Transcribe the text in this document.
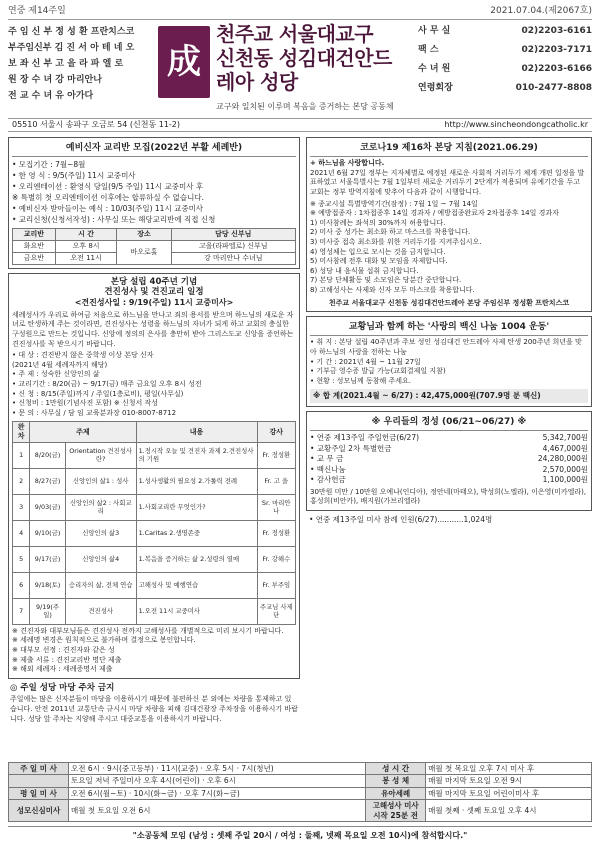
연중 제14주일	2021.07.04.(제2067호)
주 임 신 부 정 성 환 프란치스코
부주임신부 김 진 서 아 테 네 오
보 좌 신 부 고 을 라 파 엘 로
원 장 수 녀 강 마리안나
전 교 수 녀 유 아가다
成
천주교 서울대교구
신천동 성김대건안드레아 성당
교구와 일치된 이루며 복음을 증거하는 본당 공동체
사 무 실	02)2203-6161
팩 스	02)2203-7171
수 녀 원	02)2203-6166
연령회장	010-2477-8808
05510 서울시 송파구 오금로 54 (신천동 11-2)	http://www.sincheondongcatholic.kr
예비신자 교리반 모집(2022년 부활 세례반)
• 모집기간 : 7월~8월
• 한 영 식 : 9/5(주일) 11시 교중미사
• 오리엔테이션 : 환영식 당일(9/5 주일) 11시 교중미사 후
※ 특별히 첫 오리엔테이션 이후에는 합류하실 수 없습니다.
• 예비신자 받아들이는 예식 : 10/03(주일) 11시 교중미사
• 교리신청(신청서작성) : 사무실 또는 해당교리반에 직접 신청
교리반	시 간	장소	담당 신부님
화요반	오후 8시	바오로홀	고을(라파엘로) 신부님
금요반	오전 11시		강 마리안나 수녀님
본당 설립 40주년 기념
견진성사 및 견진교리 일정
<견진성사일 : 9/19(주일) 11시 교중미사>
세례성사가 우리로 하여금 처음으로 하느님을 만나고 죄의 용서를 받으며 하느님의 새로운 자녀로 탄생하게 주는 것이라면, 견진성사는 성령을 하느님의 자녀가 되게 하고 교회의 충실한 구성원으로 만드는 것입니다. 신앙에 정의의 은사를 충만히 받아 그리스도교 신앙을 증언하는 견진성사를 꼭 받으시기 바랍니다.
• 대 상 : 견진받지 않은 중학생 이상 본당 신자
(2021년 4월 세례자까지 해당)
• 주 제 : 성숙한 신앙인의 삶
• 교리기간 : 8/20(금) ~ 9/17(금) 매주 금요일 오후 8시 성전
• 신 청 : 8/15(주일)까지 / 주일(1층로비), 평일(사무실)
• 신청비 : 1만원(기념사진 포함) ※ 신청서 작성
• 문 의 : 사무실 / 담 임 교육분과장 010-8007-8712
완차	주제		내용	강사
1	8/20(금)	Orientation 견진성사란?	1.정시작 오늘 및 견진자 과제 2.견진성사의 기원	Fr. 정성환
2	8/27(금)	신앙인의 삶1 : 성사	1.성사생활의 필요성 2.가톨릭 전례	Fr. 고 을
3	9/03(금)	신앙인의 삶2 : 사회교리	1.사회교리란 무엇인가?	Sr. 마리안나
4	9/10(금)	신앙인의 삶3	1.Caritas 2.생명존중	Fr. 정성환
5	9/17(금)	신앙인의 삶4	1.복음을 증거하는 삶 2.성령의 열매	Fr. 강해수
6	9/18(토)	승리자의 삶, 전체 연습	고해성사 및 예행연습	Fr. 부주임
7	9/19(주일)	견진성사	1.오전 11시 교중미사	주교님 사제단
※ 견진자와 대부모님들은 견진성사 전까지 고해성사를 개별적으로 미리 보시기 바랍니다.
※ 세례명 변경은 원칙적으로 불가하며 결정으로 봉인합니다.
※ 대부모 선정 : 견진자와 같은 성
※ 제출 서류 : 견진교리반 명단 제출
※ 해외 세례자 : 세례증명서 제출
◎ 주일 성당 마당 주차 금지
주일에는 많은 신자분들이 마당을 이용하시기 때문에 불편하신 분 외에는 차량을 통제하고 있습니다. 안전 2011년 교통단속 규시시 마당 차량을 피해 김대건광장 주차장을 이용하시기 바랍니다. 성당 앞 주차는 지양해 주시고 대중교통을 이용하시기 바랍니다.
코로나19 제16차 본당 지침(2021.06.29)
+ 하느님을 사랑합니다.
2021년 6월 27일 정부는 지자체별로 예정된 새로운 사회적 거리두기 체계 개편 일정을 발표하였고 서울특별시는 7월 1일부터 새로운 거리두기 2단계가 적용되며 유예기간을 두고 교회는 정부 방역지침에 맞추어 다음과 같이 시행합니다.
※ 종교시설 특별방역기간(잠정) : 7월 1일 ~ 7월 14일
※ 예방접종자 : 1차접종후 14일 경과자 / 예방접종완료자 2차접종후 14일 경과자
1) 미사참례는 좌석의 30%까지 허용합니다.
2) 미사 중 성가는 최소화 하고 마스크를 착용합니다.
3) 미사중 접촉 최소화를 위한 거리두기를 지켜주십시오.
4) 영성체는 입으로 모시는 것을 금지합니다.
5) 미사참례 전후 대화 및 모임을 자제합니다.
6) 성당 내 음식물 섭취 금지합니다.
7) 본당 단체활동 및 소모임은 당분간 중단합니다.
8) 고해성사는 사제와 신자 모두 마스크를 착용합니다.
천주교 서울대교구 신천동 성김대건안드레아 본당 주임신부 정성환 프란치스코
교황님과 함께 하는 '사랑의 백신 나눔 1004 운동'
• 취 지 : 본당 설립 40주년과 주보 성인 성김대건 안드레아 사제 탄생 200주년 희년을 맞아 하느님의 사랑을 전하는 나눔
• 기 간 : 2021년 4월 ~ 11월 27일
• 기부금 영수증 발급 가능(교회결제일 지참)
• 현황 : 성모님께 동참해 주세요.
※ 합 계(2021.4월 ~ 6/27) : 42,475,000원(707.9명 분 백신)
※ 우리들의 정성 (06/21~06/27) ※
• 연중 제13주일 주일헌금(6/27)	5,342,700원
• 교황주일 2차 특별헌금	4,467,000원
• 교 무 금	24,280,000원
• 백신나눔	2,570,000원
• 감사헌금	1,100,000원
30만원 미만 / 10만원 오예나(인디아), 정안네(마태오), 박성희(노엘라), 이은영(미카엘라), 홍성희(비안카), 배지원(가브리엘라)
• 연중 제13주일 미사 참례 인원(6/27)...........1,024명
주 일 미 사	오전 6시 · 9시(중고등부) · 11시(교중) · 오후 5시 · 7시(청년)	성 시 간	매월 첫 목요일 오후 7시 미사 후
	토요일 저녁 주일미사 오후 4시(어린이) · 오후 6시	봉 성 체	매월 마지막 토요일 오전 9시
평 일 미 사	오전 6시(월~토) · 10시(화~금) · 오후 7시(화~금)	유아세례	매월 마지막 토요일 어린이미사 후
성모신심미사	매월 첫 토요일 오전 6시	고해성사 미사 시작 25분 전	매월 첫째 · 셋째 토요일 오후 4시
"소공동체 모임 (남성 : 셋째 주일 20시 / 여성 : 둘째, 넷째 목요일 오전 10시)에 참석합시다."
